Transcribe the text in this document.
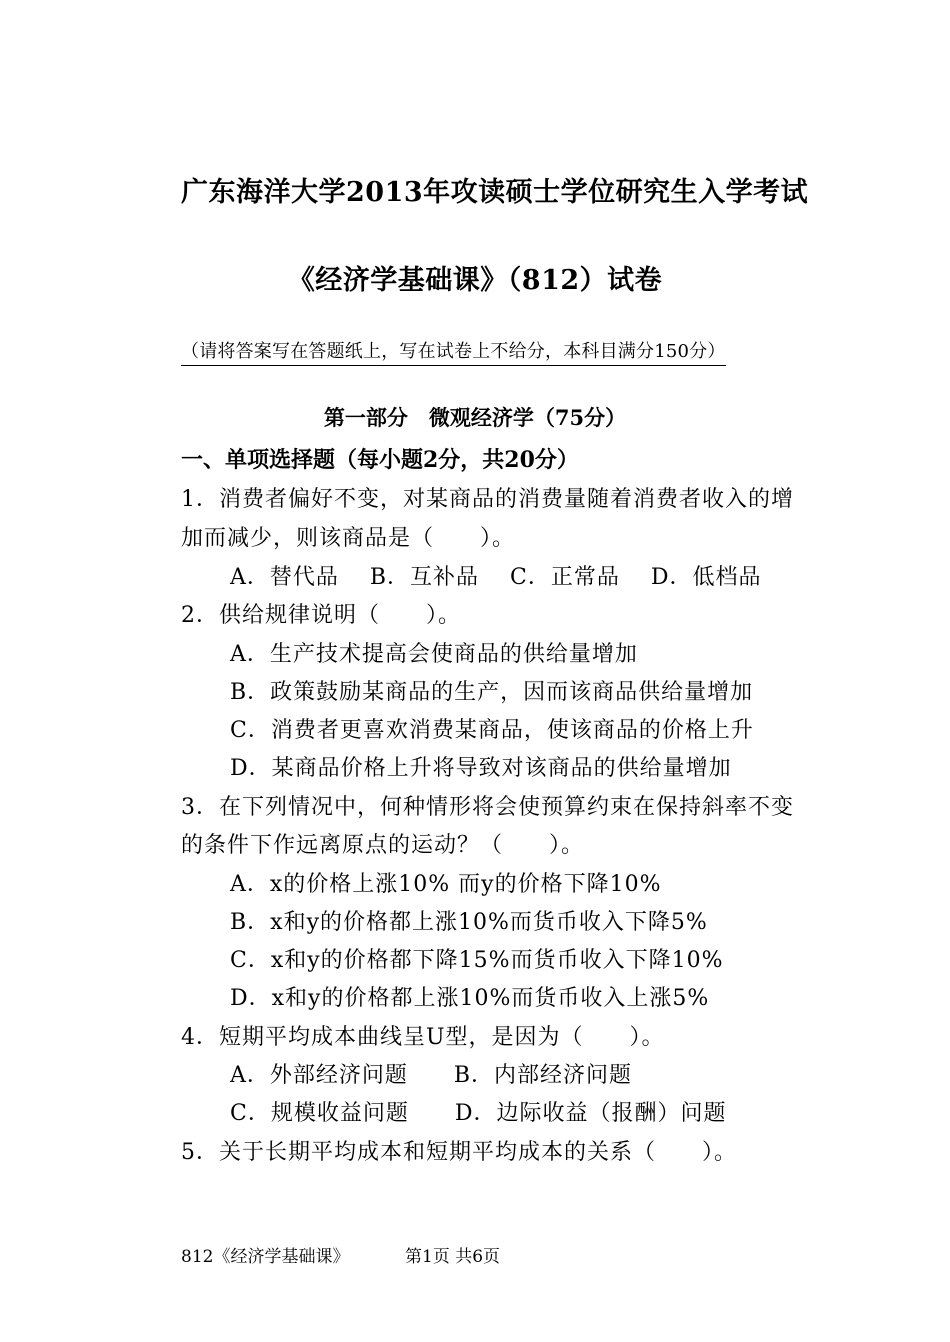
广东海洋大学2013年攻读硕士学位研究生入学考试
《经济学基础课》（812）试卷
（请将答案写在答题纸上，写在试卷上不给分，本科目满分150分）
第一部分　微观经济学（75分）
一、单项选择题（每小题2分，共20分）
1．消费者偏好不变，对某商品的消费量随着消费者收入的增
加而减少，则该商品是（　　）。
A．替代品　 B．互补品 　C．正常品 　D．低档品
2．供给规律说明（　　）。
A．生产技术提高会使商品的供给量增加
B．政策鼓励某商品的生产，因而该商品供给量增加
C．消费者更喜欢消费某商品，使该商品的价格上升
D．某商品价格上升将导致对该商品的供给量增加
3．在下列情况中，何种情形将会使预算约束在保持斜率不变
的条件下作远离原点的运动？（　　）。
A．x的价格上涨10% 而y的价格下降10%
B．x和y的价格都上涨10%而货币收入下降5%
C．x和y的价格都下降15%而货币收入下降10%
D．x和y的价格都上涨10%而货币收入上涨5%
4．短期平均成本曲线呈U型，是因为（　　）。
A．外部经济问题　　B．内部经济问题
C．规模收益问题　　D．边际收益（报酬）问题
5．关于长期平均成本和短期平均成本的关系（　　）。
812《经济学基础课》	第1页 共6页
